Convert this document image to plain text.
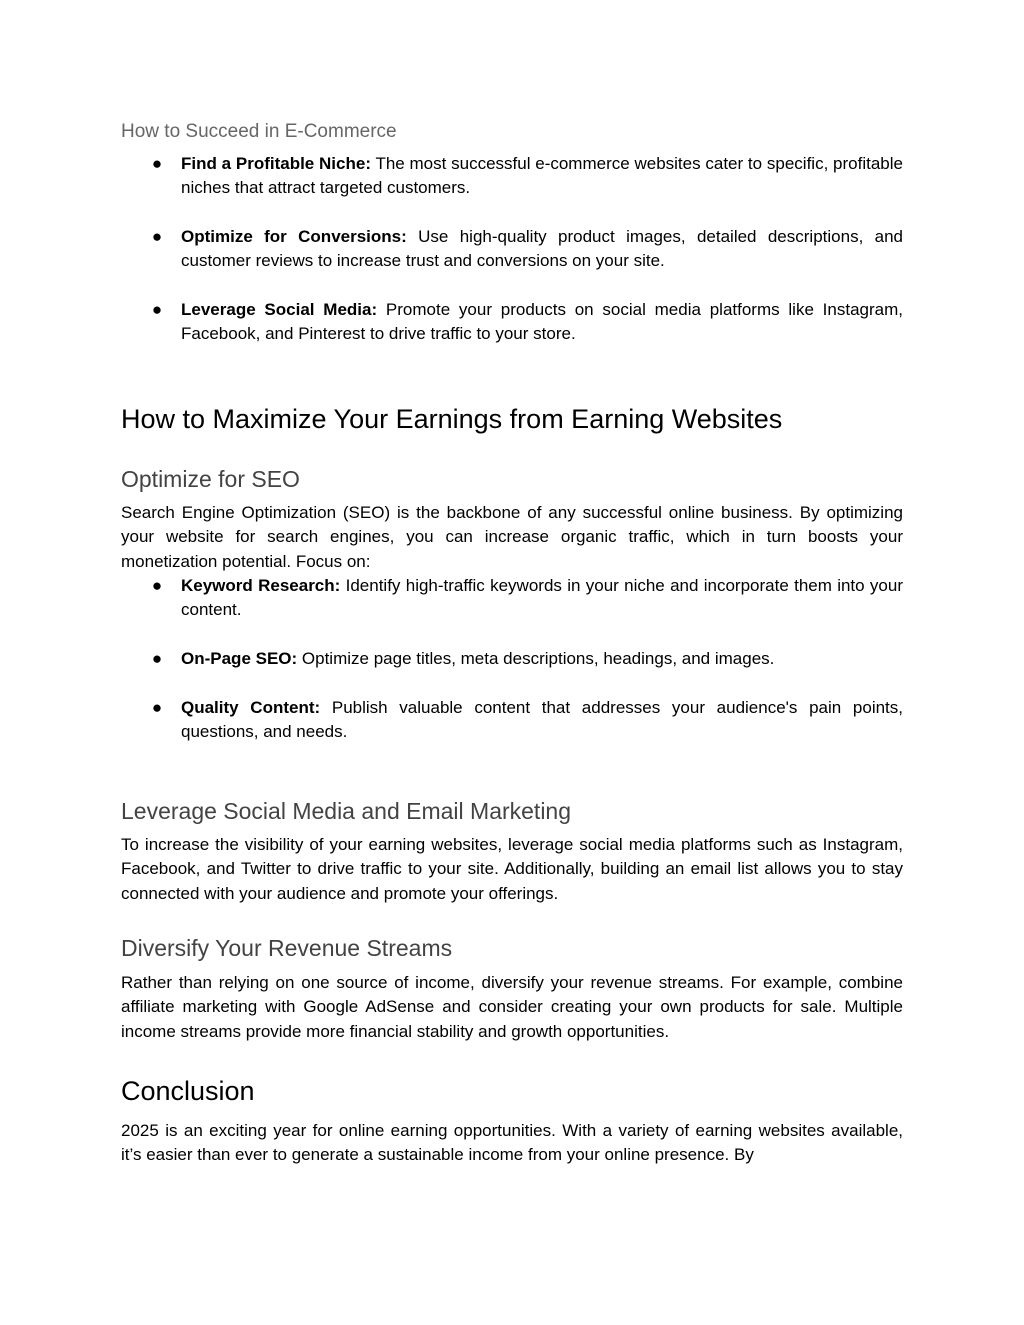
How to Succeed in E-Commerce
● Find a Profitable Niche: The most successful e-commerce websites cater to specific, profitable niches that attract targeted customers.
● Optimize for Conversions: Use high-quality product images, detailed descriptions, and customer reviews to increase trust and conversions on your site.
● Leverage Social Media: Promote your products on social media platforms like Instagram, Facebook, and Pinterest to drive traffic to your store.
How to Maximize Your Earnings from Earning Websites
Optimize for SEO

Search Engine Optimization (SEO) is the backbone of any successful online business. By optimizing your website for search engines, you can increase organic traffic, which in turn boosts your monetization potential. Focus on:

● Keyword Research: Identify high-traffic keywords in your niche and incorporate them into your content.
● On-Page SEO: Optimize page titles, meta descriptions, headings, and images.
● Quality Content: Publish valuable content that addresses your audience's pain points, questions, and needs.
Leverage Social Media and Email Marketing

To increase the visibility of your earning websites, leverage social media platforms such as Instagram, Facebook, and Twitter to drive traffic to your site. Additionally, building an email list allows you to stay connected with your audience and promote your offerings.

Diversify Your Revenue Streams

Rather than relying on one source of income, diversify your revenue streams. For example, combine affiliate marketing with Google AdSense and consider creating your own products for sale. Multiple income streams provide more financial stability and growth opportunities.

Conclusion

2025 is an exciting year for online earning opportunities. With a variety of earning websites available, it’s easier than ever to generate a sustainable income from your online presence. By
